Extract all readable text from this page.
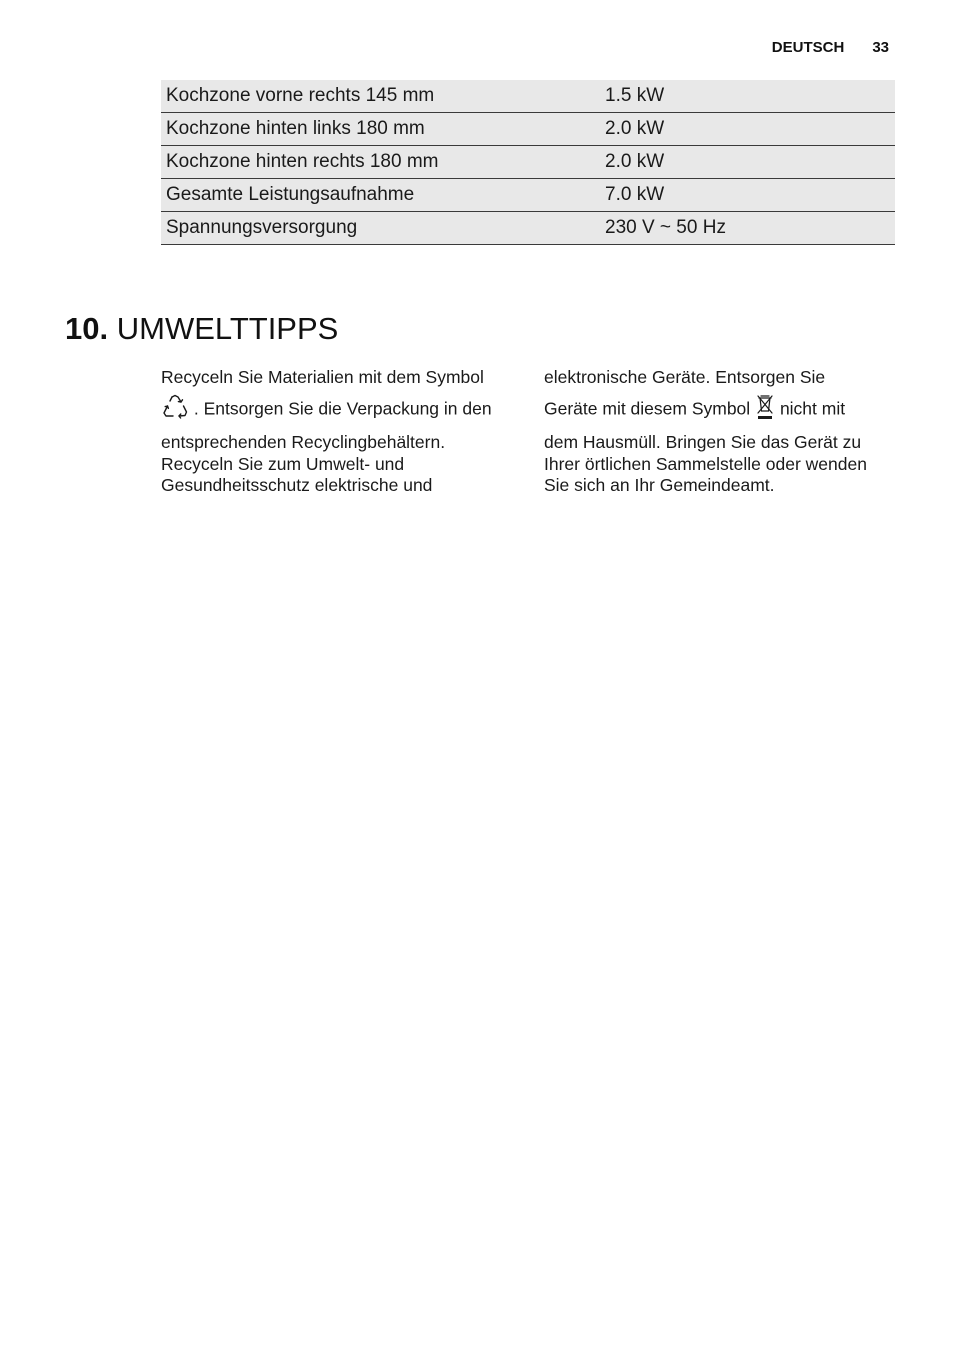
DEUTSCH 33
Kochzone vorne rechts 145 mm	1.5 kW
Kochzone hinten links 180 mm	2.0 kW
Kochzone hinten rechts 180 mm	2.0 kW
Gesamte Leistungsaufnahme	7.0 kW
Spannungsversorgung	230 V ~ 50 Hz
10. UMWELTTIPPS

Recyceln Sie Materialien mit dem Symbol

. Entsorgen Sie die Verpackung in den

entsprechenden Recyclingbehältern. Recyceln Sie zum Umwelt- und Gesundheitsschutz elektrische und

elektronische Geräte. Entsorgen Sie

Geräte mit diesem Symbol nicht mit

dem Hausmüll. Bringen Sie das Gerät zu Ihrer örtlichen Sammelstelle oder wenden Sie sich an Ihr Gemeindeamt.
